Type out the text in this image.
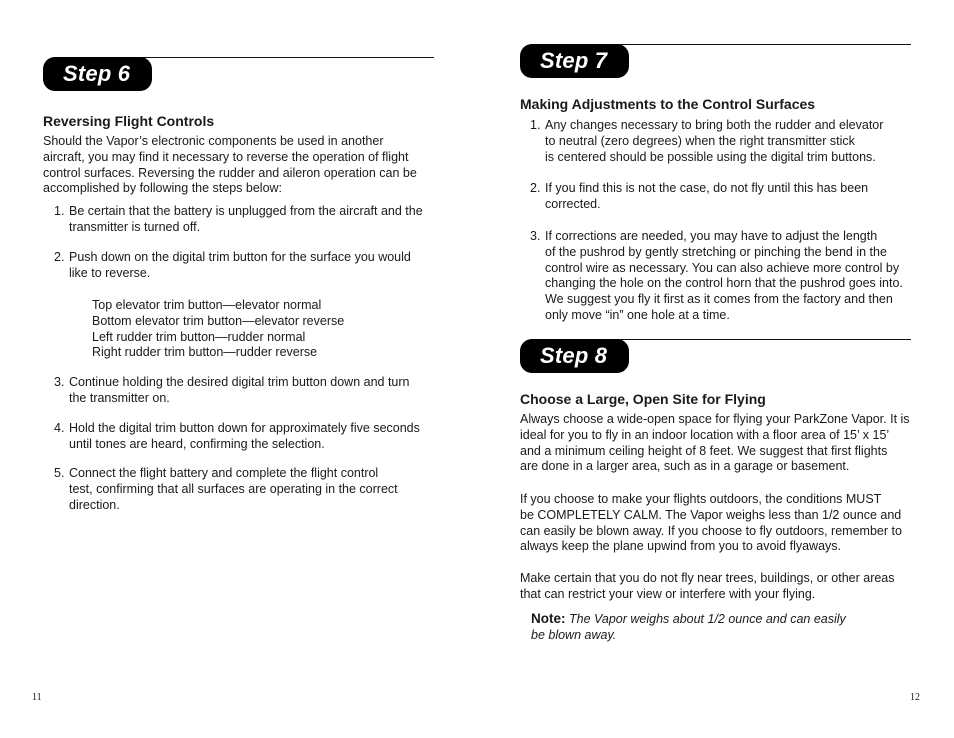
Step 6
Reversing Flight Controls

Should the Vapor’s electronic components be used in another
aircraft, you may find it necessary to reverse the operation of flight
control surfaces. Reversing the rudder and aileron operation can be
accomplished by following the steps below:

1. Be certain that the battery is unplugged from the aircraft and the
transmitter is turned off.
2. Push down on the digital trim button for the surface you would
like to reverse.
Top elevator trim button—elevator normal
Bottom elevator trim button—elevator reverse
Left rudder trim button—rudder normal
Right rudder trim button—rudder reverse
3. Continue holding the desired digital trim button down and turn
the transmitter on.
4. Hold the digital trim button down for approximately five seconds
until tones are heard, confirming the selection.
5. Connect the flight battery and complete the flight control
test, confirming that all surfaces are operating in the correct
direction.
11
Step 7
Making Adjustments to the Control Surfaces
1. Any changes necessary to bring both the rudder and elevator
to neutral (zero degrees) when the right transmitter stick
is centered should be possible using the digital trim buttons.
2. If you find this is not the case, do not fly until this has been
corrected.
3. If corrections are needed, you may have to adjust the length
of the pushrod by gently stretching or pinching the bend in the
control wire as necessary. You can also achieve more control by
changing the hole on the control horn that the pushrod goes into.
We suggest you fly it first as it comes from the factory and then
only move “in” one hole at a time.
Step 8
Choose a Large, Open Site for Flying

Always choose a wide-open space for flying your ParkZone Vapor. It is
ideal for you to fly in an indoor location with a floor area of 15’ x 15’
and a minimum ceiling height of 8 feet. We suggest that first flights
are done in a larger area, such as in a garage or basement.

If you choose to make your flights outdoors, the conditions MUST
be COMPLETELY CALM. The Vapor weighs less than 1/2 ounce and
can easily be blown away. If you choose to fly outdoors, remember to
always keep the plane upwind from you to avoid flyaways.

Make certain that you do not fly near trees, buildings, or other areas
that can restrict your view or interfere with your flying.

Note: The Vapor weighs about 1/2 ounce and can easily
be blown away.
12
